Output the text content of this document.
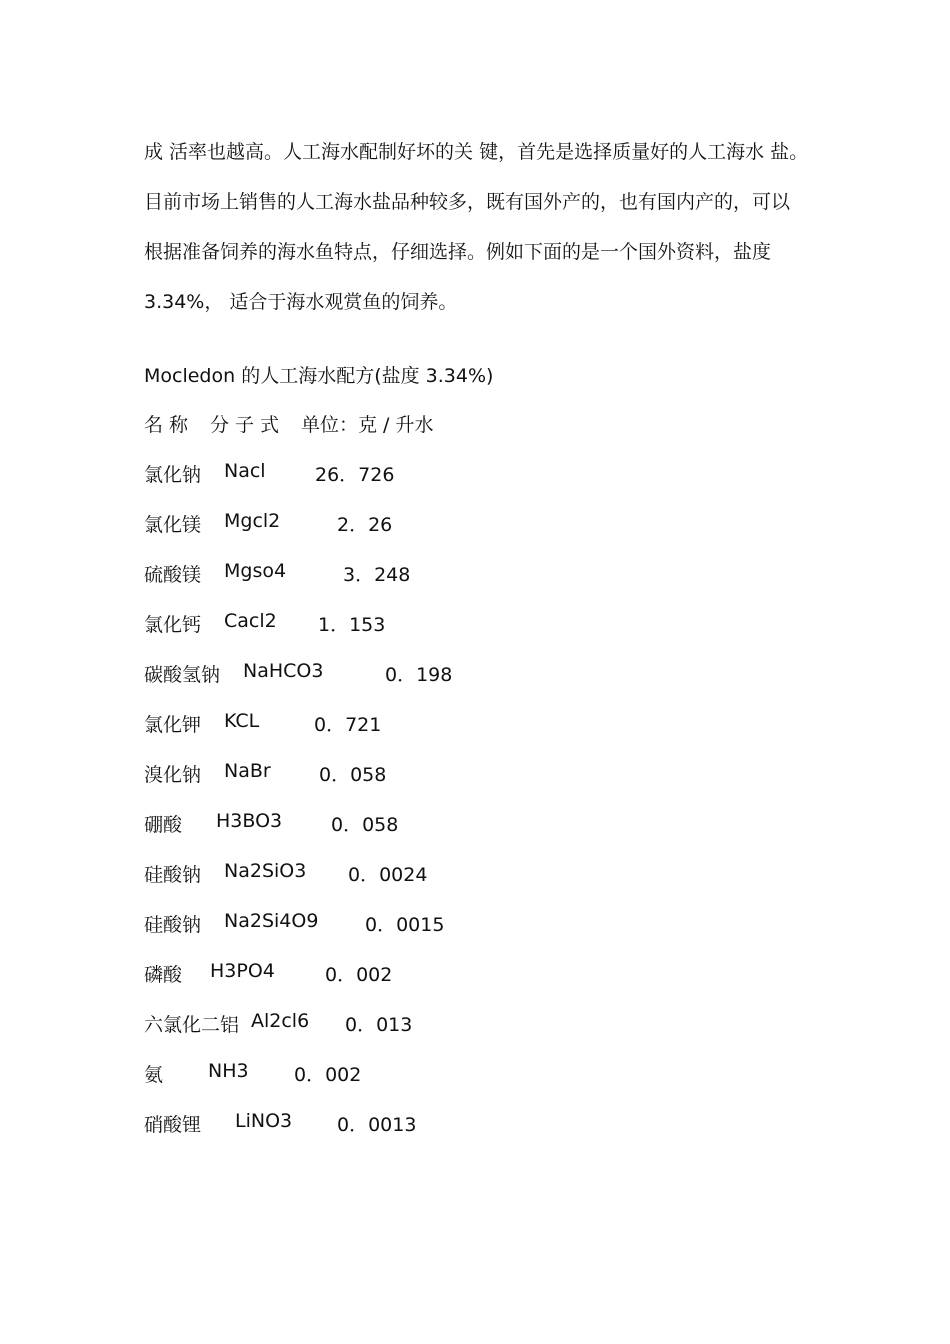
成 活率也越高。人工海水配制好坏的关 键，首先是选择质量好的人工海水 盐。
目前市场上销售的人工海水盐品种较多，既有国外产的，也有国内产的，可以
根据准备饲养的海水鱼特点，仔细选择。例如下面的是一个国外资料，盐度
3.34%， 适合于海水观赏鱼的饲养。
Mocledon 的人工海水配方(盐度 3.34%)
名 称 分 子 式 单位：克 / 升水
氯化钠 Nacl	26．726
氯化镁 Mgcl2	2．26
硫酸镁 Mgso4	3．248
氯化钙 Cacl2 1．153
碳酸氢钠 NaHCO3	0．198
氯化钾 KCL	0．721
溴化钠 NaBr	0．058
硼酸 H3BO3	0．058
硅酸钠 Na2SiO3 0．0024
硅酸钠 Na2Si4O9 0．0015
磷酸 H3PO4	0．002
六氯化二铝 Al2cl6 0．013
氨 NH3 0．002
硝酸锂 LiNO3 0．0013
